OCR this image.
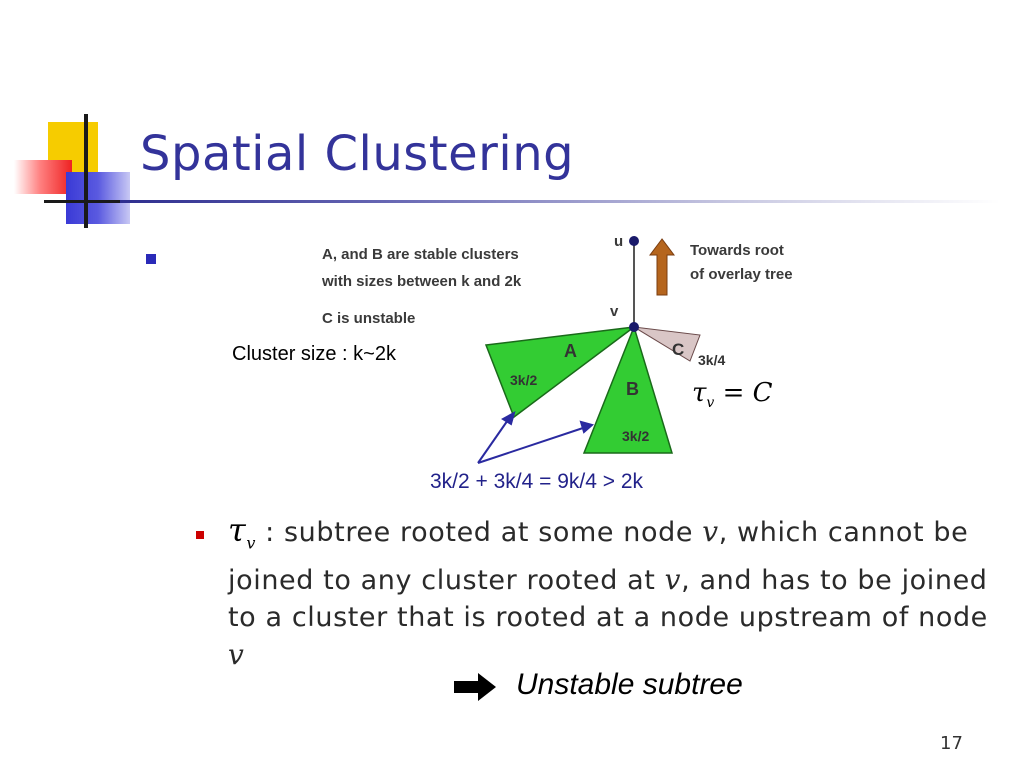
Spatial Clustering
A, and B are stable clusters
with sizes between k and 2k
C is unstable
Towards root
of overlay tree
u
v
A
3k/2	B
3k/2
C
3k/4
Cluster size : k~2k
$\tau_v = C$
3k/2 + 3k/4 = 9k/4 > 2k
$\tau_v$ : subtree rooted at some node v, which cannot be joined to any cluster rooted at v, and has to be joined to a cluster that is rooted at a node upstream of node v
Unstable subtree
17
